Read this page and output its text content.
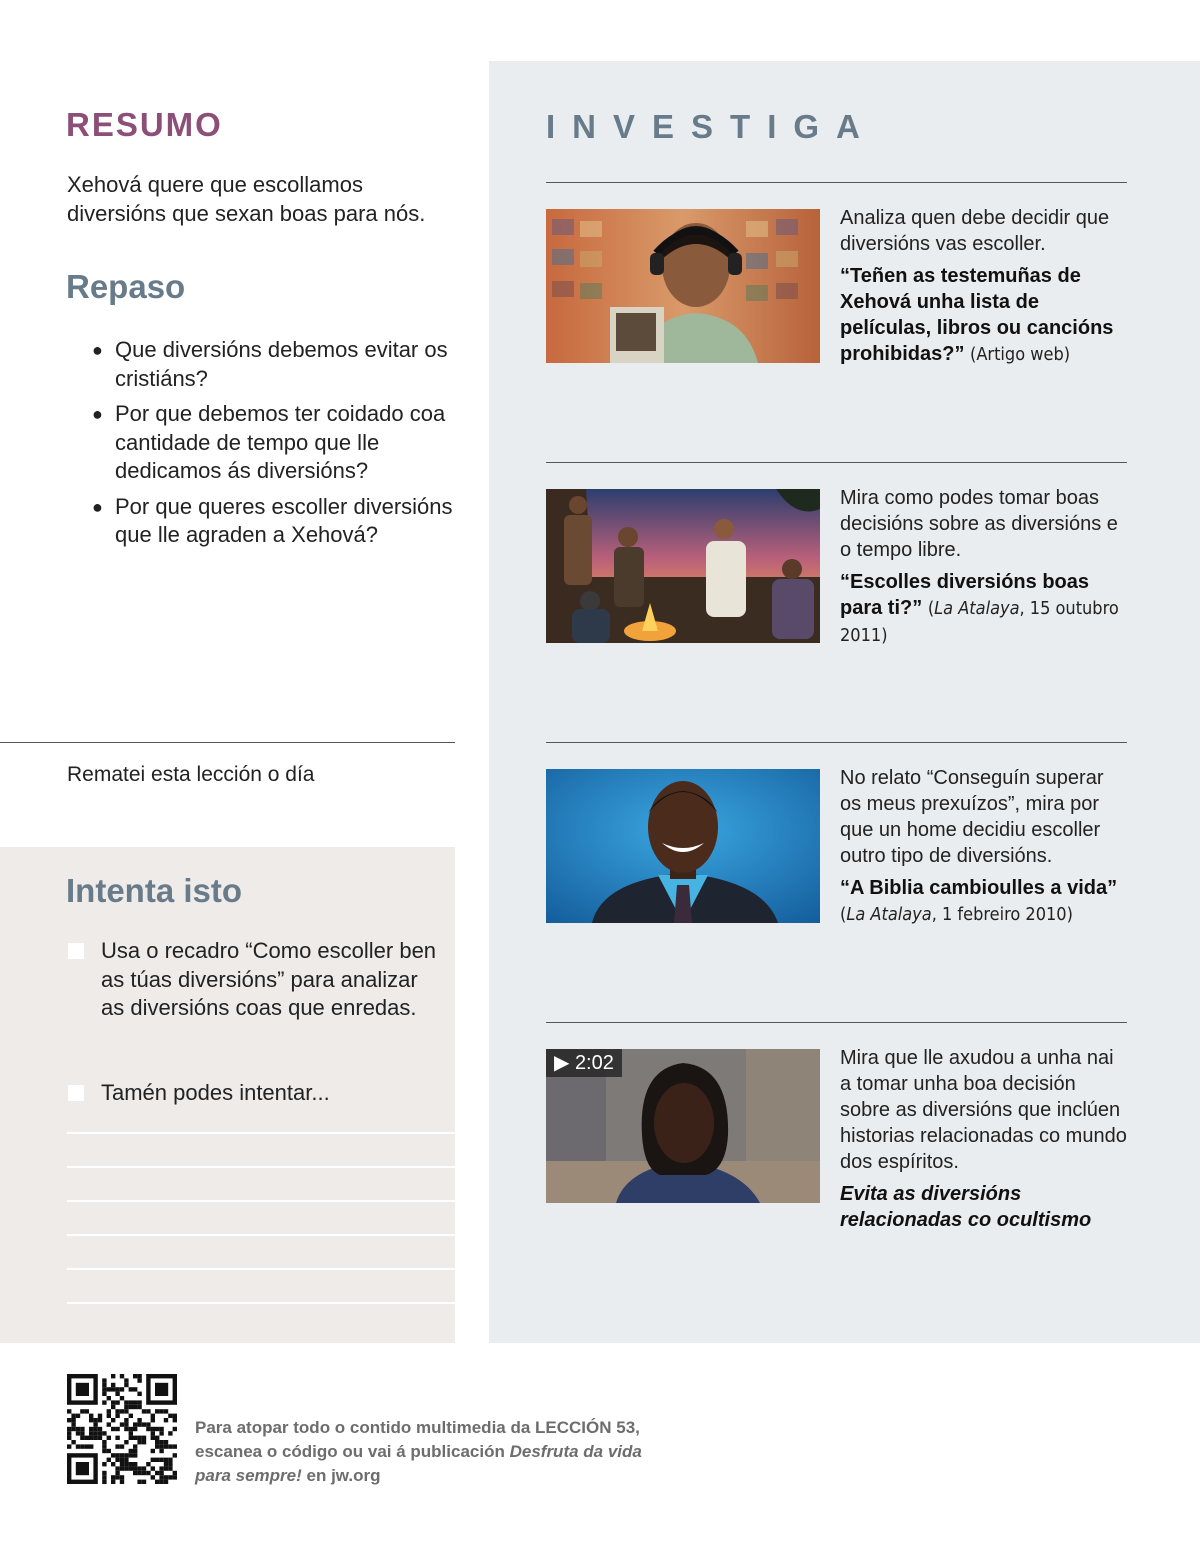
RESUMO

Xehová quere que escollamos diversións que sexan boas para nós.

Repaso
● Que diversións debemos evitar os cristiáns?
● Por que debemos ter coidado coa cantidade de tempo que lle dedicamos ás diversións?
● Por que queres escoller diversións que lle agraden a Xehová?

Rematei esta lección o día

Intenta isto
Usa o recadro “Como escoller ben as túas diversións” para analizar as diversións coas que enredas.
Tamén podes intentar...
INVESTIGA

Analiza quen debe decidir que diversións vas escoller.

“Teñen as testemuñas de Xehová unha lista de películas, libros ou cancións prohibidas?” (Artigo web)

Mira como podes tomar boas decisións sobre as diversións e o tempo libre.

“Escolles diversións boas para ti?” (La Atalaya, 15 outubro 2011)

No relato “Conseguín superar os meus prexuízos”, mira por que un home decidiu escoller outro tipo de diversións.

“A Biblia cambioulles a vida”
(La Atalaya, 1 febreiro 2010)

▶ 2:02	Mira que lle axudou a unha nai a tomar unha boa decisión sobre as diversións que inclúen historias relacionadas co mundo dos espíritos.

Evita as diversións relacionadas co ocultismo

Para atopar todo o contido multimedia da LECCIÓN 53, escanea o código ou vai á publicación Desfruta da vida para sempre! en jw.org
